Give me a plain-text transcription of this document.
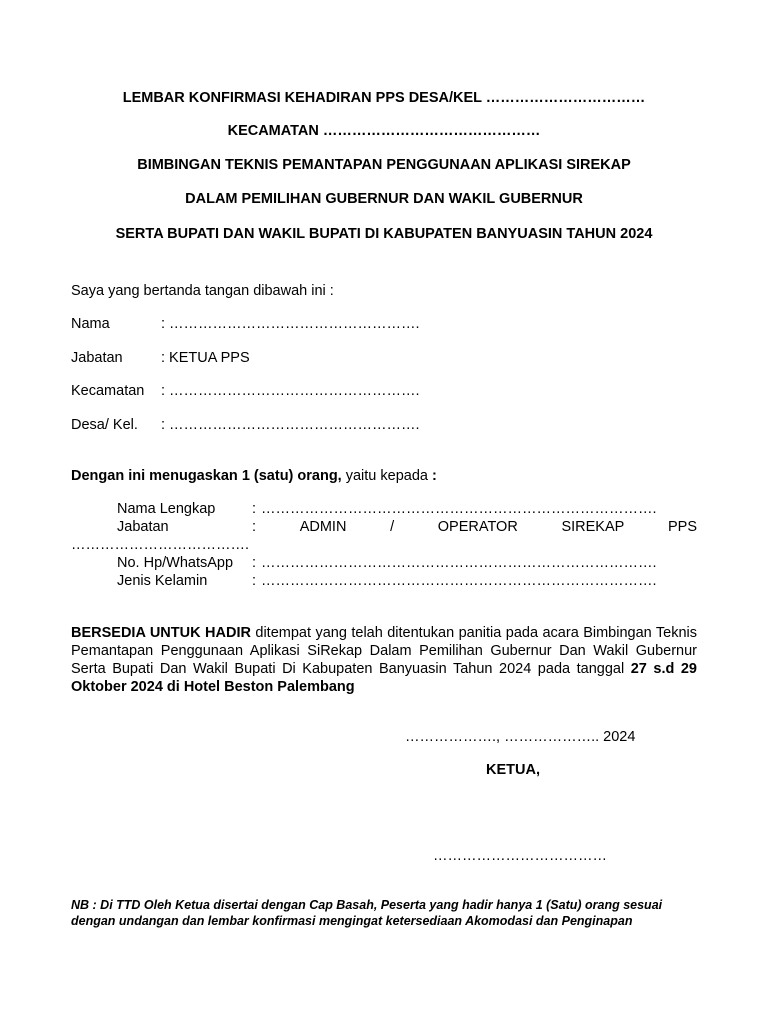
LEMBAR KONFIRMASI KEHADIRAN PPS DESA/KEL ……………………………
KECAMATAN ………………………………………
BIMBINGAN TEKNIS PEMANTAPAN PENGGUNAAN APLIKASI SIREKAP
DALAM PEMILIHAN GUBERNUR DAN WAKIL GUBERNUR
SERTA BUPATI DAN WAKIL BUPATI DI KABUPATEN BANYUASIN TAHUN 2024
Saya yang bertanda tangan dibawah ini :
Nama	: …………………………………………….
Jabatan	: KETUA PPS
Kecamatan : …………………………………………….
Desa/ Kel. : …………………………………………….
Dengan ini menugaskan 1 (satu) orang, yaitu kepada :
Nama Lengkap	: ……………………………………………………………………….
Jabatan	:	ADMIN	/	OPERATOR	SIREKAP	PPS
……………………………….
No. Hp/WhatsApp : ……………………………………………………………………….
Jenis Kelamin	: ……………………………………………………………………….
BERSEDIA UNTUK HADIR ditempat yang telah ditentukan panitia pada acara Bimbingan Teknis Pemantapan Penggunaan Aplikasi SiRekap Dalam Pemilihan Gubernur Dan Wakil Gubernur Serta Bupati Dan Wakil Bupati Di Kabupaten Banyuasin Tahun 2024 pada tanggal 27 s.d 29 Oktober 2024 di Hotel Beston Palembang
………………., ……………….. 2024
KETUA,
………………………………
NB : Di TTD Oleh Ketua disertai dengan Cap Basah, Peserta yang hadir hanya 1 (Satu) orang sesuai dengan undangan dan lembar konfirmasi mengingat ketersediaan Akomodasi dan Penginapan
